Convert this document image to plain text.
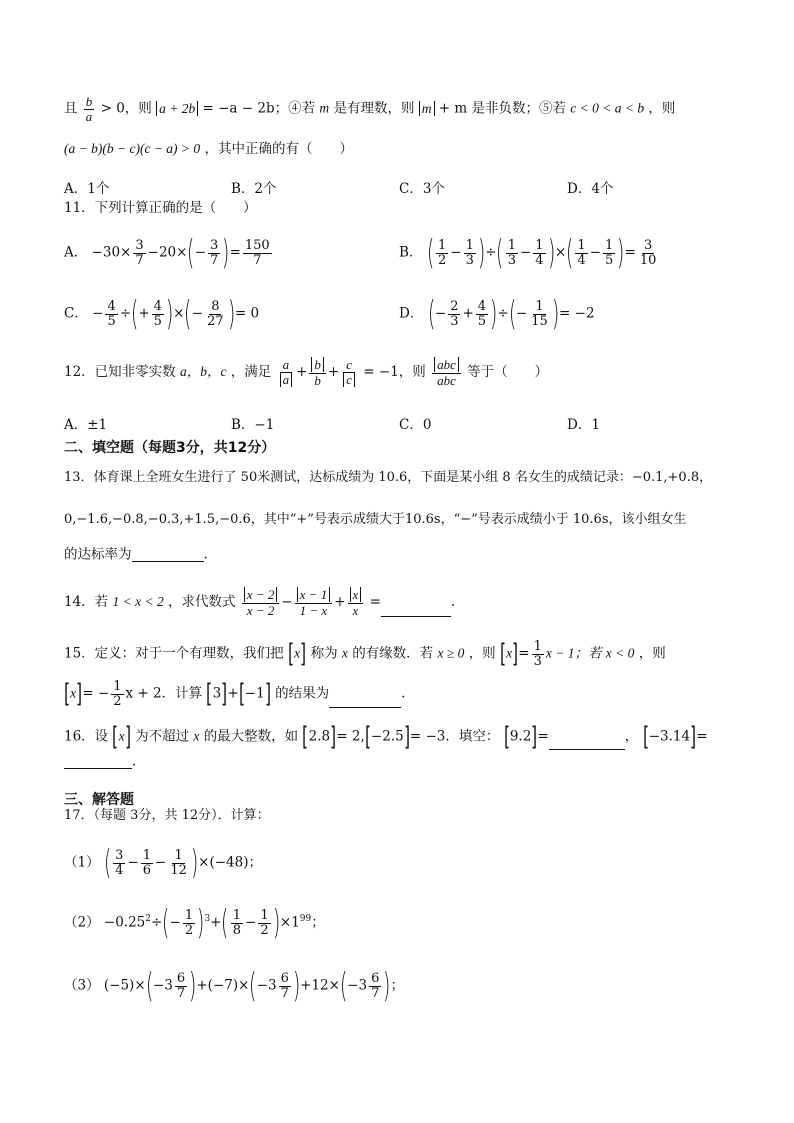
且 $\frac{b}{a} > 0$，则 a + 2b = −a − 2b；④若 m 是有理数，则 m + m 是非负数；⑤若 c < 0 < a < b ，则
(a − b)(b − c)(c − a) > 0 ，其中正确的有（　　）
A．1个	B．2个	C．3个	D．4个
11．下列计算正确的是（　　）
A． $-30\times \frac{3}{7} -20\times(- \frac{3}{7}$ )= $\frac{150}{7}$	B． ( $\frac{1}{2} - \frac{1}{3}$ )÷( $\frac{1}{3} - \frac{1}{4}$ )×( $\frac{1}{4} - \frac{1}{5}$ )= $\frac{3}{10}$
C． − $\frac{4}{5}$ ÷(+ $\frac{4}{5}$ )×(− $\frac{8}{27}$ )= 0	D． (− $\frac{2}{3} + \frac{4}{5}$ )÷(− $\frac{1}{15}$ )= −2
12．已知非零实数 a，b，c ，满足 $\frac{a}{a} + \frac{b}{b} + \frac{c}{c} = -1$，则 $\frac{\text{abc}}{\text{abc}}$ 等于（　　）
A．±1	B．−1	C．0	D．1
二、填空题（每题3分，共12分）
13．体育课上全班女生进行了 50米测试，达标成绩为 10.6，下面是某小组 8 名女生的成绩记录：−0.1,+0.8，
0,−1.6,−0.8,−0.3,+1.5,−0.6，其中“+”号表示成绩大于10.6s，“−”号表示成绩小于 10.6s，该小组女生
的达标率为	.
14．若 1 < x < 2 ，求代数式 $\frac{x - 2}{x - 2} - \frac{x - 1}{1 - x} + \frac{x}{x}$ =	.
15．定义：对于一个有理数，我们把 [x] 称为 x 的有缘数．若 x ≥ 0 ，则 $[x]= \frac{1}{3}$ x − 1；若 x < 0 ，则
$[x]= - \frac{1}{2}$ x + 2．计算 [3]+[−1] 的结果为	.
16．设 [x] 为不超过 x 的最大整数，如 [2.8]= 2,[−2.5]= −3．填空： [9.2]=	， [−3.14]=
.
三、解答题
17．（每题 3分，共 12分）．计算：
（1） ( $\frac{3}{4} - \frac{1}{6} - \frac{1}{12} )\times(-48)$；
$(2) -0.25^2\div(- \frac{1}{2} )^3+( \frac{1}{8} - \frac{1}{2} )\times 1^{99}$；
（3） $(-5)\times(-3 \frac{6}{7} )+(-7)\times(-3 \frac{6}{7} )+12\times(-3 \frac{6}{7}$ )；
